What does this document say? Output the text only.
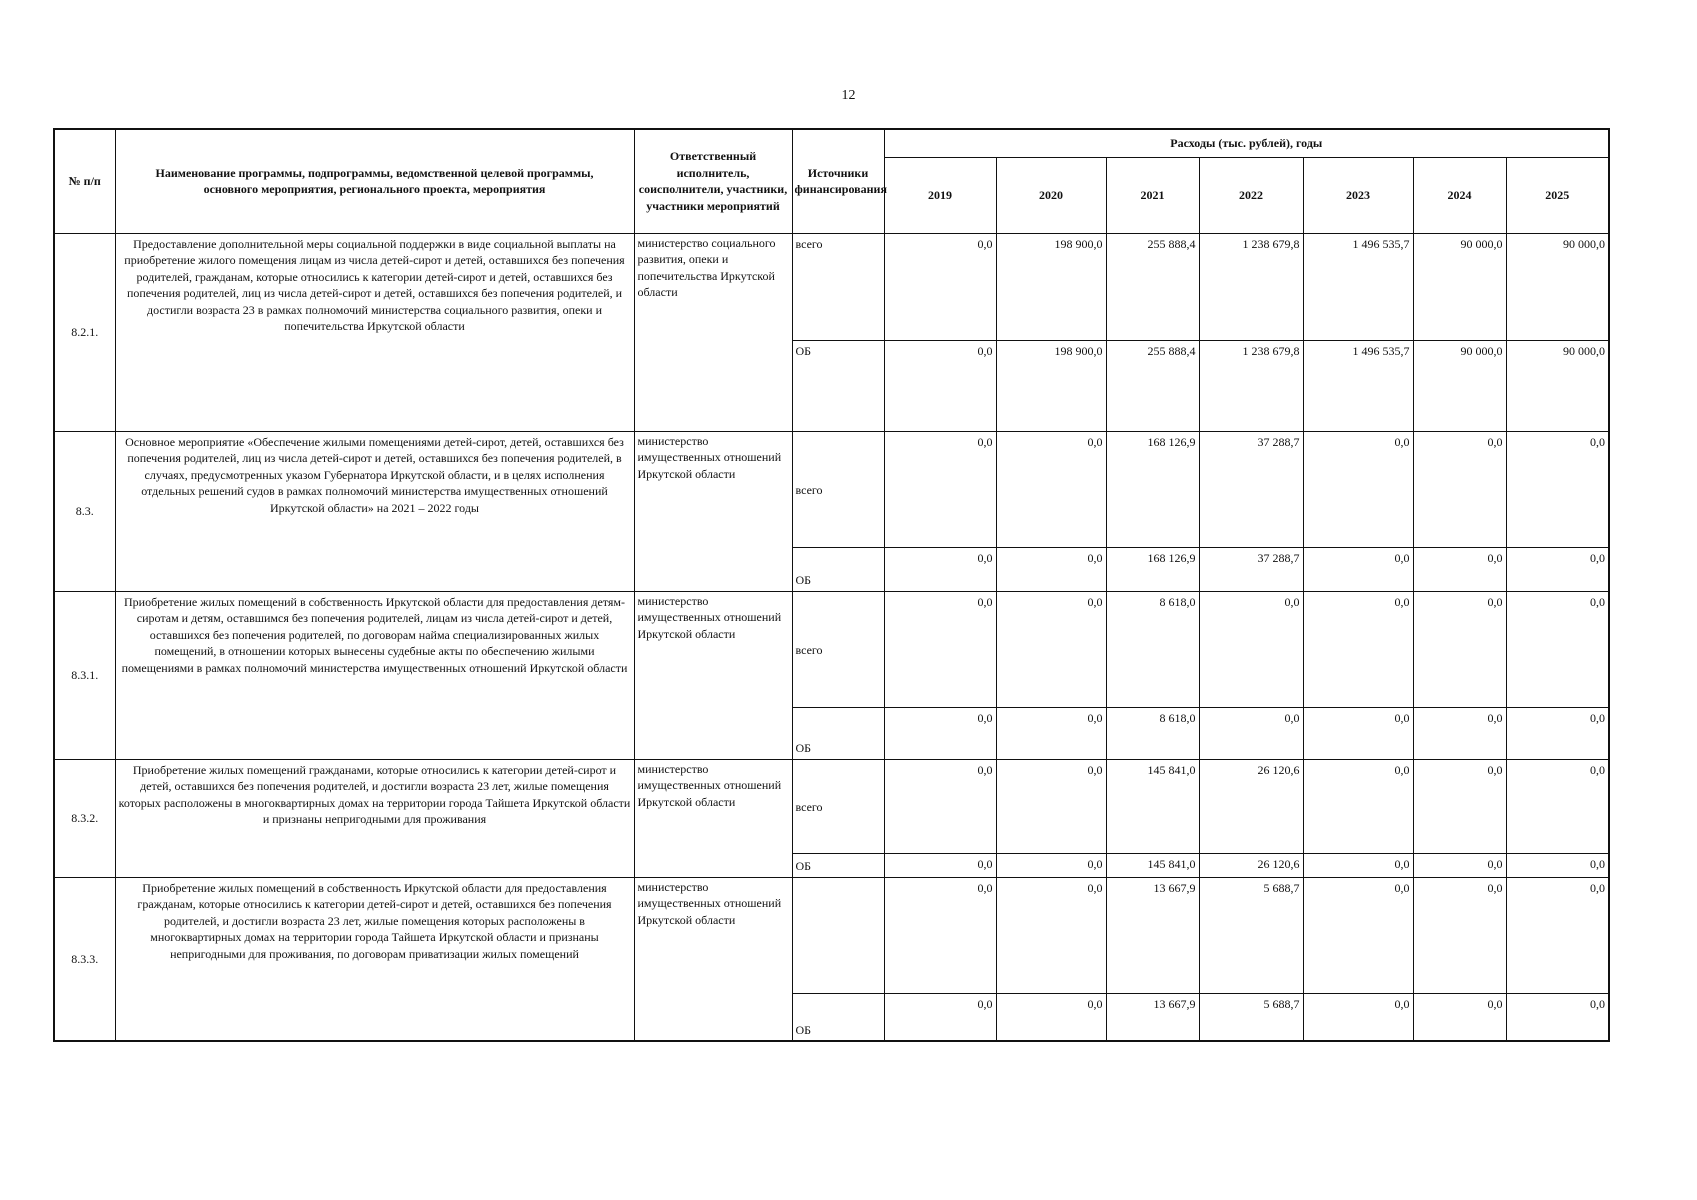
12
№ п/п	Наименование программы, подпрограммы, ведомственной целевой программы, основного мероприятия, регионального проекта, мероприятия	Ответственный исполнитель, соисполнители, участники, участники мероприятий	Источники финансирования	Расходы (тыс. рублей), годы						
				2019	2020	2021	2022	2023	2024	2025
8.2.1.	Предоставление дополнительной меры социальной поддержки в виде социальной выплаты на приобретение жилого помещения лицам из числа детей-сирот и детей, оставшихся без попечения родителей, гражданам, которые относились к категории детей-сирот и детей, оставшихся без попечения родителей, лиц из числа детей-сирот и детей, оставшихся без попечения родителей, и достигли возраста 23 в рамках полномочий министерства социального развития, опеки и попечительства Иркутской области	министерство социального развития, опеки и попечительства Иркутской области	всего	0,0	198 900,0	255 888,4	1 238 679,8	1 496 535,7	90 000,0	90 000,0
			ОБ	0,0	198 900,0	255 888,4	1 238 679,8	1 496 535,7	90 000,0	90 000,0
8.3.	Основное мероприятие «Обеспечение жилыми помещениями детей-сирот, детей, оставшихся без попечения родителей, лиц из числа детей-сирот и детей, оставшихся без попечения родителей, в случаях, предусмотренных указом Губернатора Иркутской области, и в целях исполнения отдельных решений судов в рамках полномочий министерства имущественных отношений Иркутской области» на 2021 – 2022 годы	министерство имущественных отношений Иркутской области	всего	0,0	0,0	168 126,9	37 288,7	0,0	0,0	0,0
			ОБ	0,0	0,0	168 126,9	37 288,7	0,0	0,0	0,0
8.3.1.	Приобретение жилых помещений в собственность Иркутской области для предоставления детям-сиротам и детям, оставшимся без попечения родителей, лицам из числа детей-сирот и детей, оставшихся без попечения родителей, по договорам найма специализированных жилых помещений, в отношении которых вынесены судебные акты по обеспечению жилыми помещениями в рамках полномочий министерства имущественных отношений Иркутской области	министерство имущественных отношений Иркутской области	всего	0,0	0,0	8 618,0	0,0	0,0	0,0	0,0
			ОБ	0,0	0,0	8 618,0	0,0	0,0	0,0	0,0
8.3.2.	Приобретение жилых помещений гражданами, которые относились к категории детей-сирот и детей, оставшихся без попечения родителей, и достигли возраста 23 лет, жилые помещения которых расположены в многоквартирных домах на территории города Тайшета Иркутской области и признаны непригодными для проживания	министерство имущественных отношений Иркутской области	всего	0,0	0,0	145 841,0	26 120,6	0,0	0,0	0,0
			ОБ	0,0	0,0	145 841,0	26 120,6	0,0	0,0	0,0
8.3.3.	Приобретение жилых помещений в собственность Иркутской области для предоставления гражданам, которые относились к категории детей-сирот и детей, оставшихся без попечения родителей, и достигли возраста 23 лет, жилые помещения которых расположены в многоквартирных домах на территории города Тайшета Иркутской области и признаны непригодными для проживания, по договорам приватизации жилых помещений	министерство имущественных отношений Иркутской области		0,0	0,0	13 667,9	5 688,7	0,0	0,0	0,0
			ОБ	0,0	0,0	13 667,9	5 688,7	0,0	0,0	0,0
